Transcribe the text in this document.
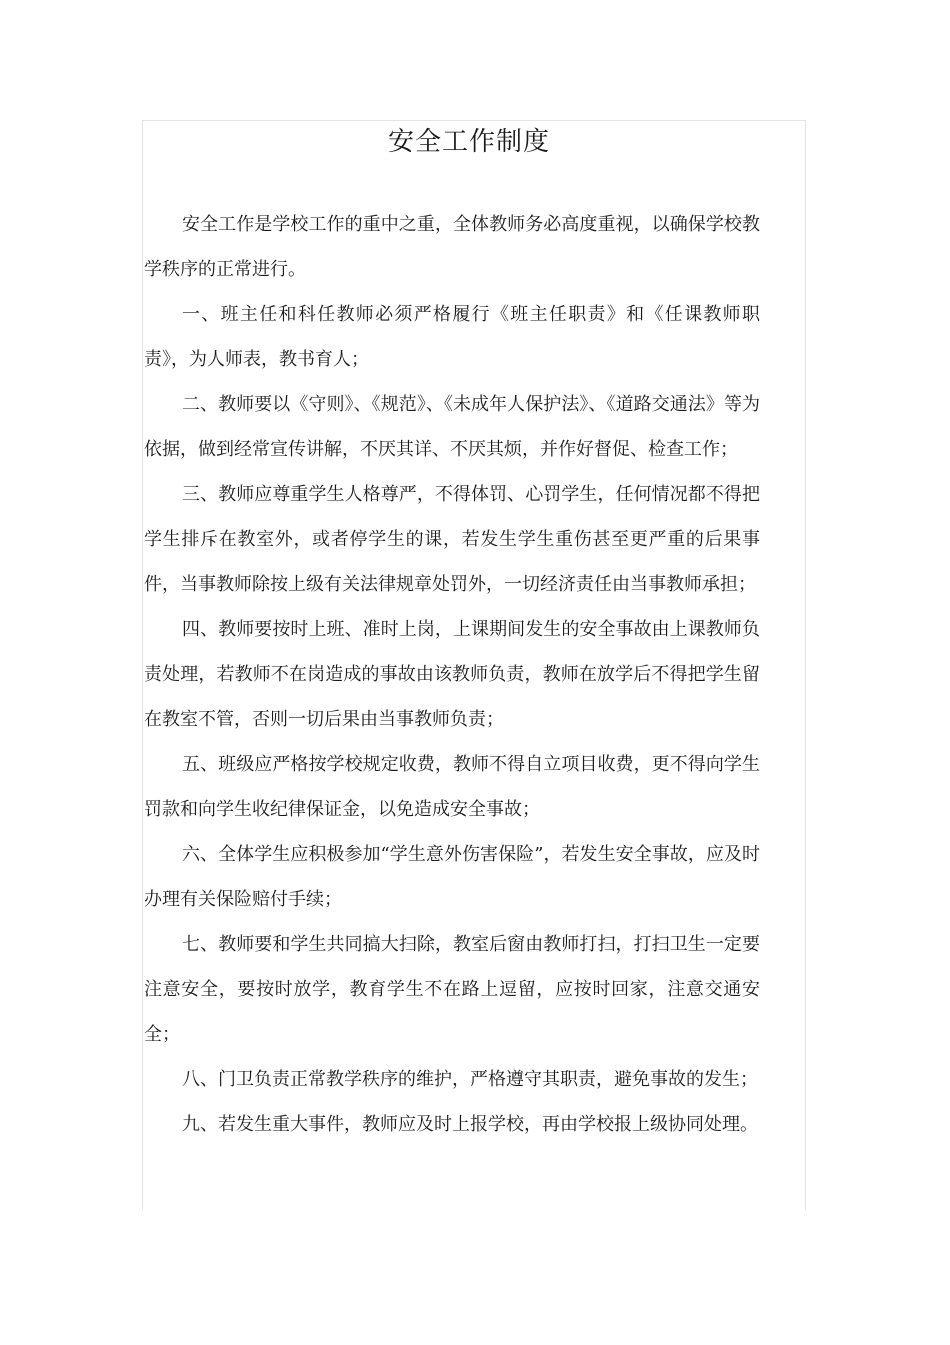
安全工作制度

安全工作是学校工作的重中之重，全体教师务必高度重视，以确保学校教学秩序的正常进行。

一、班主任和科任教师必须严格履行《班主任职责》和《任课教师职责》，为人师表，教书育人；

二、教师要以《守则》、《规范》、《未成年人保护法》、《道路交通法》等为依据，做到经常宣传讲解，不厌其详、不厌其烦，并作好督促、检查工作；

三、教师应尊重学生人格尊严，不得体罚、心罚学生，任何情况都不得把学生排斥在教室外，或者停学生的课，若发生学生重伤甚至更严重的后果事件，当事教师除按上级有关法律规章处罚外，一切经济责任由当事教师承担；

四、教师要按时上班、准时上岗，上课期间发生的安全事故由上课教师负责处理，若教师不在岗造成的事故由该教师负责，教师在放学后不得把学生留在教室不管，否则一切后果由当事教师负责；

五、班级应严格按学校规定收费，教师不得自立项目收费，更不得向学生罚款和向学生收纪律保证金，以免造成安全事故；

六、全体学生应积极参加“学生意外伤害保险”，若发生安全事故，应及时办理有关保险赔付手续；

七、教师要和学生共同搞大扫除，教室后窗由教师打扫，打扫卫生一定要注意安全，要按时放学，教育学生不在路上逗留，应按时回家，注意交通安全；

八、门卫负责正常教学秩序的维护，严格遵守其职责，避免事故的发生；

九、若发生重大事件，教师应及时上报学校，再由学校报上级协同处理。
